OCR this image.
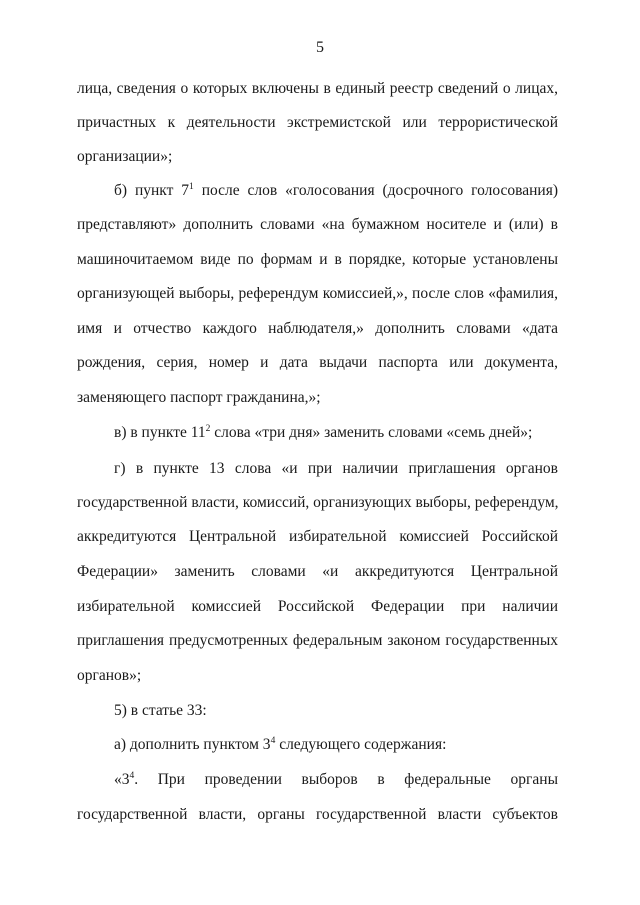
5
лица, сведения о которых включены в единый реестр сведений о лицах,
причастных к деятельности экстремистской или террористической
организации»;
б) пункт $7^1$ после слов «голосования (досрочного голосования)
представляют» дополнить словами «на бумажном носителе и (или) в
машиночитаемом виде по формам и в порядке, которые установлены
организующей выборы, референдум комиссией,», после слов «фамилия,
имя и отчество каждого наблюдателя,» дополнить словами «дата
рождения, серия, номер и дата выдачи паспорта или документа,
заменяющего паспорт гражданина,»;
в) в пункте $11^2$ слова «три дня» заменить словами «семь дней»;
г) в пункте 13 слова «и при наличии приглашения органов
государственной власти, комиссий, организующих выборы, референдум,
аккредитуются Центральной избирательной комиссией Российской
Федерации» заменить словами «и аккредитуются Центральной
избирательной комиссией Российской Федерации при наличии
приглашения предусмотренных федеральным законом государственных
органов»;
5) в статье 33:
а) дополнить пунктом $3^4$ следующего содержания:
«$3^4$. При проведении выборов в федеральные органы
государственной власти, органы государственной власти субъектов
